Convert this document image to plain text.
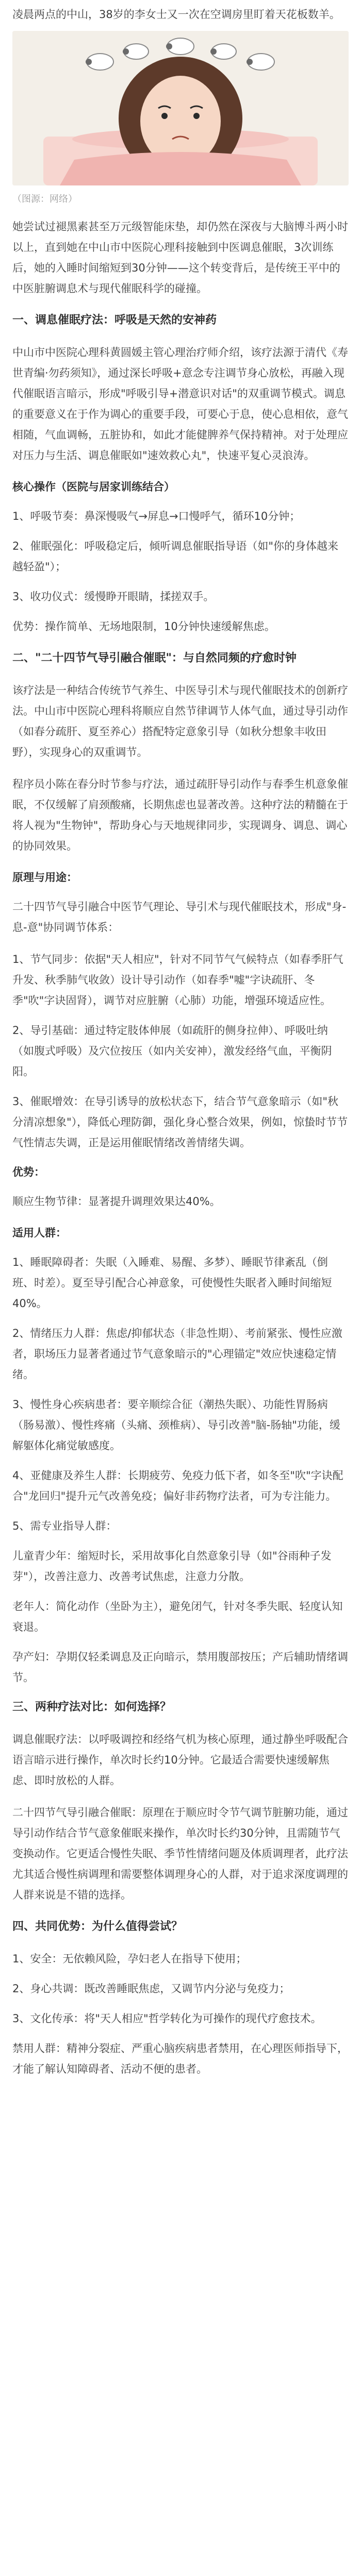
凌晨两点的中山，38岁的李女士又一次在空调房里盯着天花板数羊。
（图源：网络）

她尝试过褪黑素甚至万元级智能床垫，却仍然在深夜与大脑博斗两小时以上，直到她在中山市中医院心理科接触到中医调息催眠，3次训练后，她的入睡时间缩短到30分钟——这个转变背后，是传统王平中的中医脏腑调息术与现代催眠科学的碰撞。

一、调息催眠疗法：呼吸是天然的安神药

中山市中医院心理科黄圆媛主管心理治疗师介绍，该疗法源于清代《寿世青编·勿药须知》，通过深长呼吸+意念专注调节身心放松，再融入现代催眠语言暗示，形成"呼吸引导+潜意识对话"的双重调节模式。调息的重要意义在于作为调心的重要手段，可要心于息，使心息相依，意气相随，气血调畅，五脏协和，如此才能健脾养气保持精神。对于处理应对压力与生活、调息催眠如"速效救心丸"，快速平复心灵浪涛。

核心操作（医院与居家训练结合）
1、呼吸节奏：鼻深慢吸气→屏息→口慢呼气，循环10分钟；
2、催眠强化：呼吸稳定后，倾听调息催眠指导语（如"你的身体越来越轻盈"）；
3、收功仪式：缓慢睁开眼睛，揉搓双手。

优势：操作简单、无场地限制，10分钟快速缓解焦虑。

二、"二十四节气导引融合催眠"：与自然同频的疗愈时钟

该疗法是一种结合传统节气养生、中医导引术与现代催眠技术的创新疗法。中山市中医院心理科将顺应自然节律调节人体气血，通过导引动作（如春分疏肝、夏至养心）搭配特定意象引导（如秋分想象丰收田野），实现身心的双重调节。

程序员小陈在春分时节参与疗法，通过疏肝导引动作与春季生机意象催眠，不仅缓解了肩颈酸痛，长期焦虑也显著改善。这种疗法的精髓在于将人视为"生物钟"，帮助身心与天地规律同步，实现调身、调息、调心的协同效果。

原理与用途：

二十四节气导引融合中医节气理论、导引术与现代催眠技术，形成"身-息-意"协同调节体系：

1、节气同步：依据"天人相应"，针对不同节气气候特点（如春季肝气升发、秋季肺气收敛）设计导引动作（如春季"嘘"字诀疏肝、冬季"吹"字诀固肾），调节对应脏腑（心肺）功能，增强环境适应性。
2、导引基础：通过特定肢体伸展（如疏肝的侧身拉伸）、呼吸吐纳（如腹式呼吸）及穴位按压（如内关安神），激发经络气血，平衡阴阳。
3、催眠增效：在导引诱导的放松状态下，结合节气意象暗示（如"秋分清凉想象"），降低心理防御，强化身心整合效果，例如，惊蛰时节节气性情志失调，正是运用催眠情绪改善情绪失调。
优势：

顺应生物节律：显著提升调理效果达40%。

适用人群：
1、睡眠障碍者：失眠（入睡难、易醒、多梦）、睡眠节律紊乱（倒班、时差）。夏至导引配合心神意象，可使慢性失眠者入睡时间缩短40%。
2、情绪压力人群：焦虑/抑郁状态（非急性期）、考前紧张、慢性应激者，职场压力显著者通过节气意象暗示的"心理锚定"效应快速稳定情绪。
3、慢性身心疾病患者：要辛顺综合征（潮热失眠）、功能性胃肠病（肠易激）、慢性疼痛（头痛、颈椎病）、导引改善"脑-肠轴"功能，缓解躯体化痛觉敏感度。
4、亚健康及养生人群：长期疲劳、免疫力低下者，如冬至"吹"字诀配合"龙回归"提升元气改善免疫；偏好非药物疗法者，可为专注能力。
5、需专业指导人群：
儿童青少年：缩短时长，采用故事化自然意象引导（如"谷雨种子发芽"），改善注意力、改善考试焦虑，注意力分散。
老年人：简化动作（坐卧为主），避免闭气，针对冬季失眠、轻度认知衰退。
孕产妇：孕期仅轻柔调息及正向暗示，禁用腹部按压；产后辅助情绪调节。
三、两种疗法对比：如何选择？

调息催眠疗法：以呼吸调控和经络气机为核心原理，通过静坐呼吸配合语言暗示进行操作，单次时长约10分钟。它最适合需要快速缓解焦虑、即时放松的人群。

二十四节气导引融合催眠：原理在于顺应时令节气调节脏腑功能，通过导引动作结合节气意象催眠来操作，单次时长约30分钟，且需随节气变换动作。它更适合慢性失眠、季节性情绪问题及体质调理者，此疗法尤其适合慢性病调理和需要整体调理身心的人群，对于追求深度调理的人群来说是不错的选择。

四、共同优势：为什么值得尝试？
1、安全：无依赖风险，孕妇老人在指导下使用；
2、身心共调：既改善睡眠焦虑，又调节内分泌与免疫力；
3、文化传承：将"天人相应"哲学转化为可操作的现代疗愈技术。

禁用人群：精神分裂症、严重心脑疾病患者禁用，在心理医师指导下，才能了解认知障碍者、活动不便的患者。
